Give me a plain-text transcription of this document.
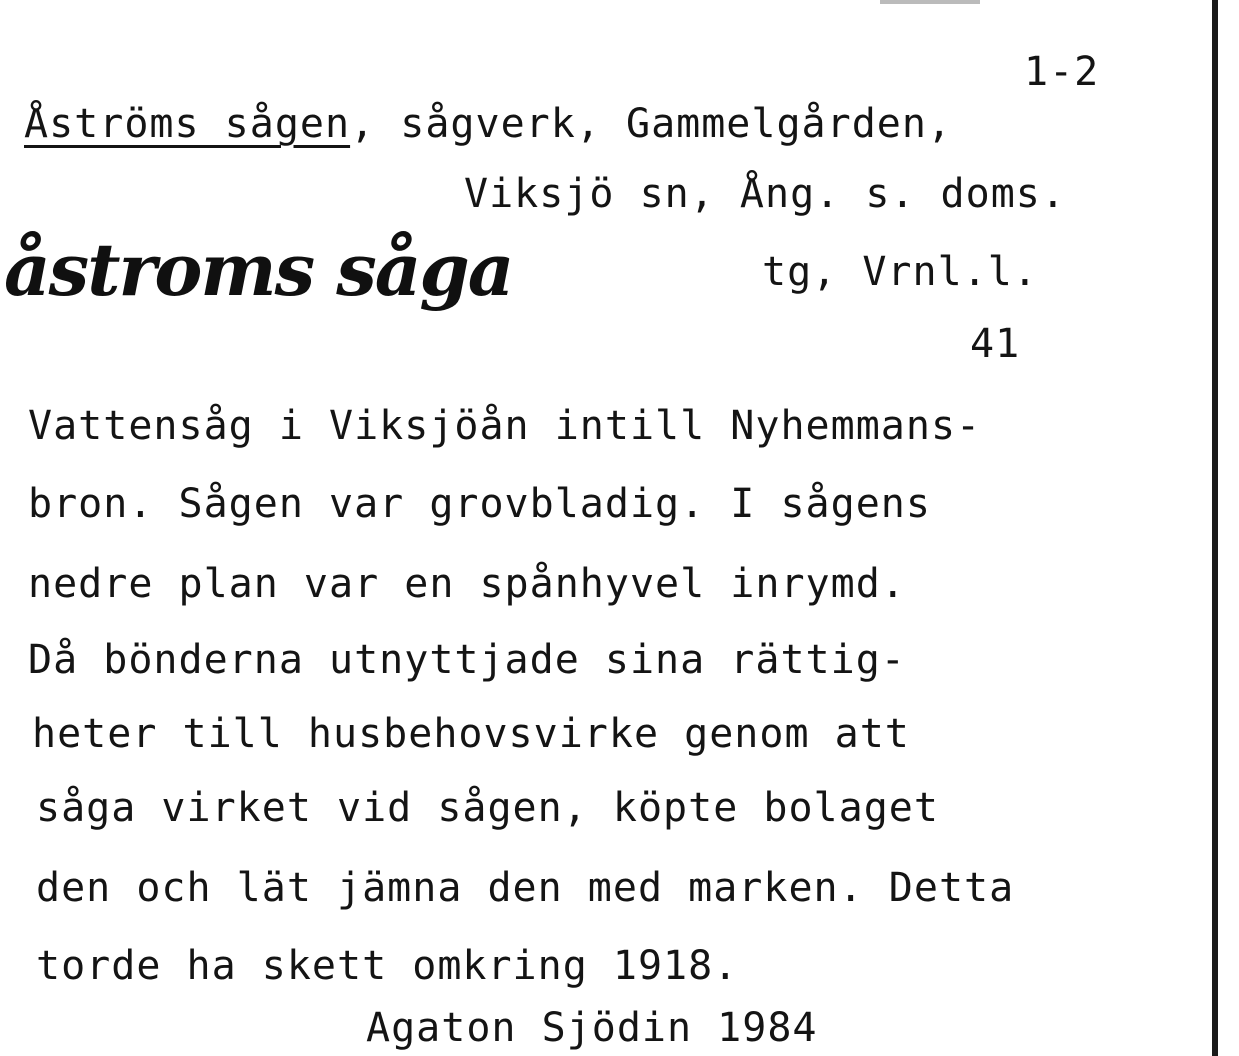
1-2
Åströms sågen, sågverk, Gammelgården,
Viksjö sn, Ång. s. doms.
åstroms såga	tg, Vrnl.l.
41
Vattensåg i Viksjöån intill Nyhemmans-
bron. Sågen var grovbladig. I sågens
nedre plan var en spånhyvel inrymd.
Då bönderna utnyttjade sina rättig-
heter till husbehovsvirke genom att
såga virket vid sågen, köpte bolaget
den och lät jämna den med marken. Detta
torde ha skett omkring 1918.
Agaton Sjödin 1984
